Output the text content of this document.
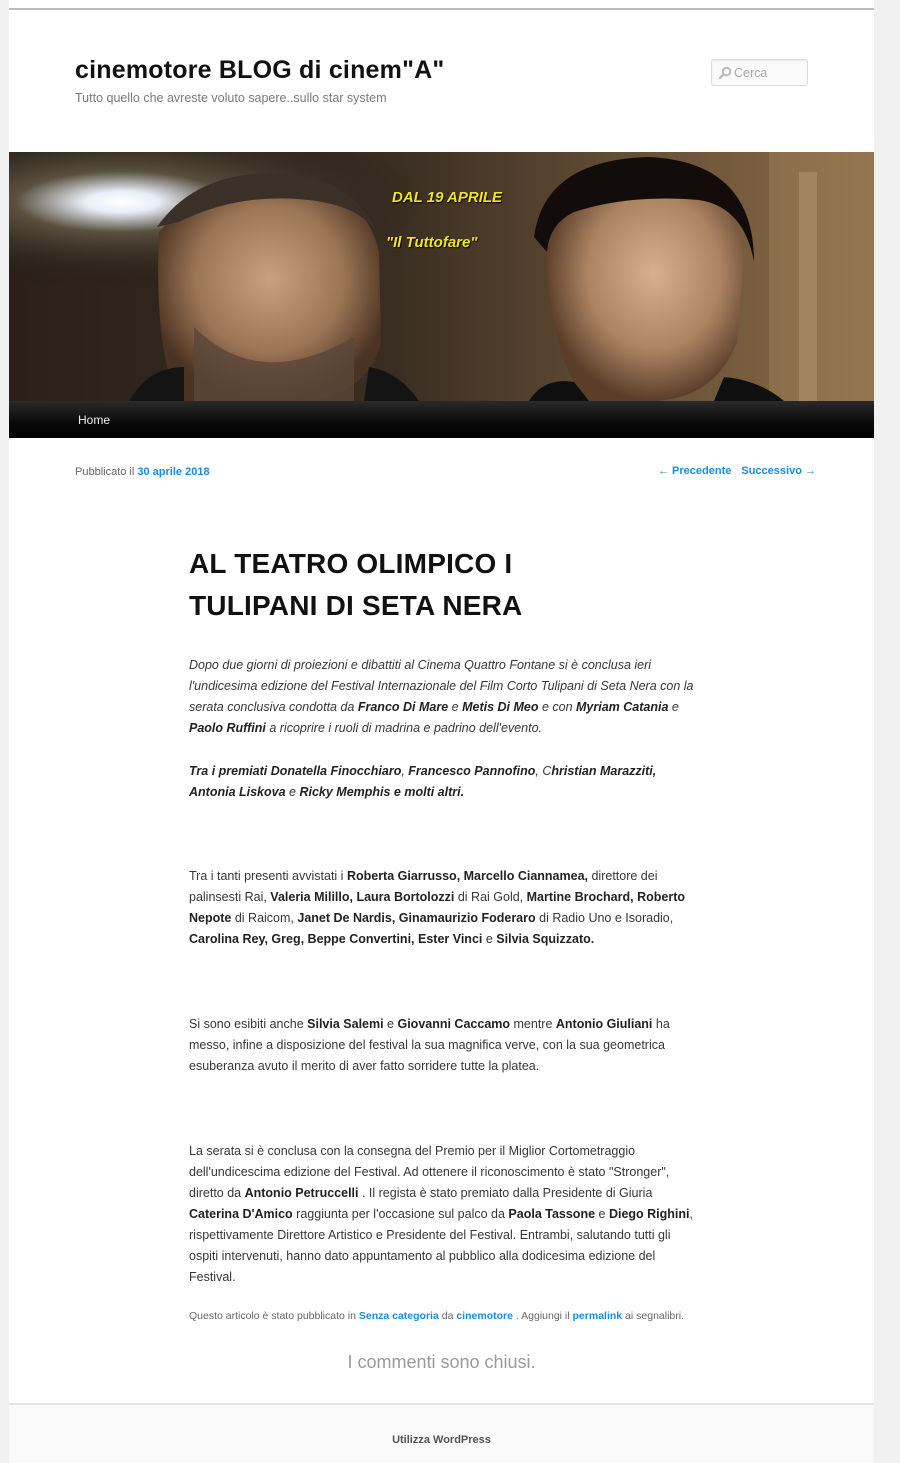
cinemotore BLOG di cinem"A"
Tutto quello che avreste voluto sapere..sullo star system
Cerca
DAL 19 APRILE
"Il Tuttofare"
Home
Pubblicato il 30 aprile 2018	← Precedente Successivo →
AL TEATRO OLIMPICO I TULIPANI DI SETA NERA

Dopo due giorni di proiezioni e dibattiti al Cinema Quattro Fontane si è conclusa ieri l'undicesima edizione del Festival Internazionale del Film Corto Tulipani di Seta Nera con la serata conclusiva condotta da Franco Di Mare e Metis Di Meo e con Myriam Catania e Paolo Ruffini a ricoprire i ruoli di madrina e padrino dell'evento.

Tra i premiati Donatella Finocchiaro, Francesco Pannofino, Christian Marazziti, Antonia Liskova e Ricky Memphis e molti altri.

Tra i tanti presenti avvistati i Roberta Giarrusso, Marcello Ciannamea, direttore dei palinsesti Rai, Valeria Milillo, Laura Bortolozzi di Rai Gold, Martine Brochard, Roberto Nepote di Raicom, Janet De Nardis, Ginamaurizio Foderaro di Radio Uno e Isoradio, Carolina Rey, Greg, Beppe Convertini, Ester Vinci e Silvia Squizzato.

Si sono esibiti anche Silvia Salemi e Giovanni Caccamo mentre Antonio Giuliani ha messo, infine a disposizione del festival la sua magnifica verve, con la sua geometrica esuberanza avuto il merito di aver fatto sorridere tutte la platea.

La serata si è conclusa con la consegna del Premio per il Miglior Cortometraggio dell'undicescima edizione del Festival. Ad ottenere il riconoscimento è stato "Stronger", diretto da Antonio Petruccelli . Il regista è stato premiato dalla Presidente di Giuria Caterina D'Amico raggiunta per l'occasione sul palco da Paola Tassone e Diego Righini, rispettivamente Direttore Artistico e Presidente del Festival. Entrambi, salutando tutti gli ospiti intervenuti, hanno dato appuntamento al pubblico alla dodicesima edizione del Festival.

Questo articolo è stato pubblicato in Senza categoria da cinemotore . Aggiungi il permalink ai segnalibri.
I commenti sono chiusi.
Utilizza WordPress
